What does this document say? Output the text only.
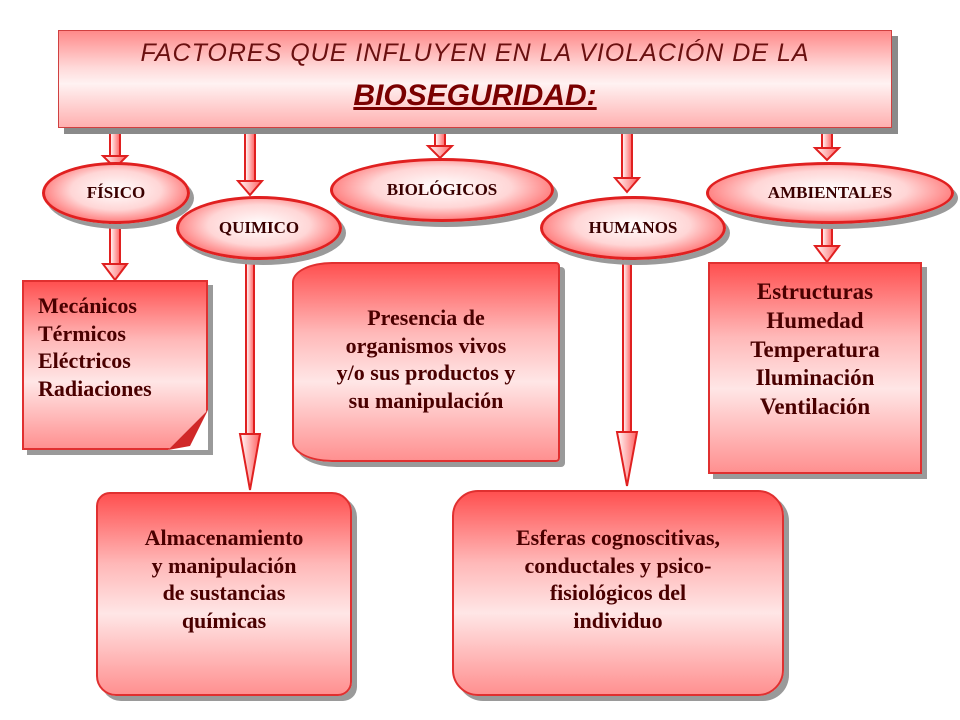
FACTORES QUE INFLUYEN EN LA VIOLACIÓN DE LA
BIOSEGURIDAD:
FÍSICO
QUIMICO
BIOLÓGICOS
HUMANOS
AMBIENTALES
Mecánicos
Térmicos
Eléctricos
Radiaciones
Presencia de
organismos vivos
y/o sus productos y
su manipulación
Estructuras
Humedad
Temperatura
Iluminación
Ventilación
Almacenamiento
y manipulación
de sustancias
químicas
Esferas cognoscitivas,
conductales y psico-
fisiológicos del
individuo
